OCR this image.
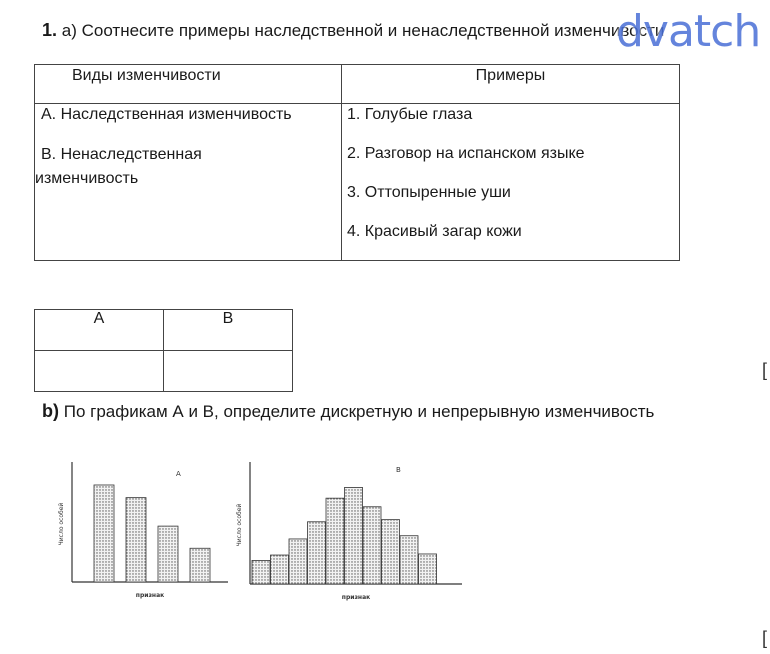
1. a) Соотнесите примеры наследственной и ненаследственной изменчивости
dvatch
Виды изменчивости	Примеры

А. Наследственная изменчивость
В. Ненаследственная
изменчивость	1. Голубые глаза
2. Разговор на испанском языке
3. Оттопыренные уши
4. Красивый загар кожи
А	В

b) По графикам А и В, определите дискретную и непрерывную изменчивость
[
[
А
признак
Число особей
В
признак
Число особей
